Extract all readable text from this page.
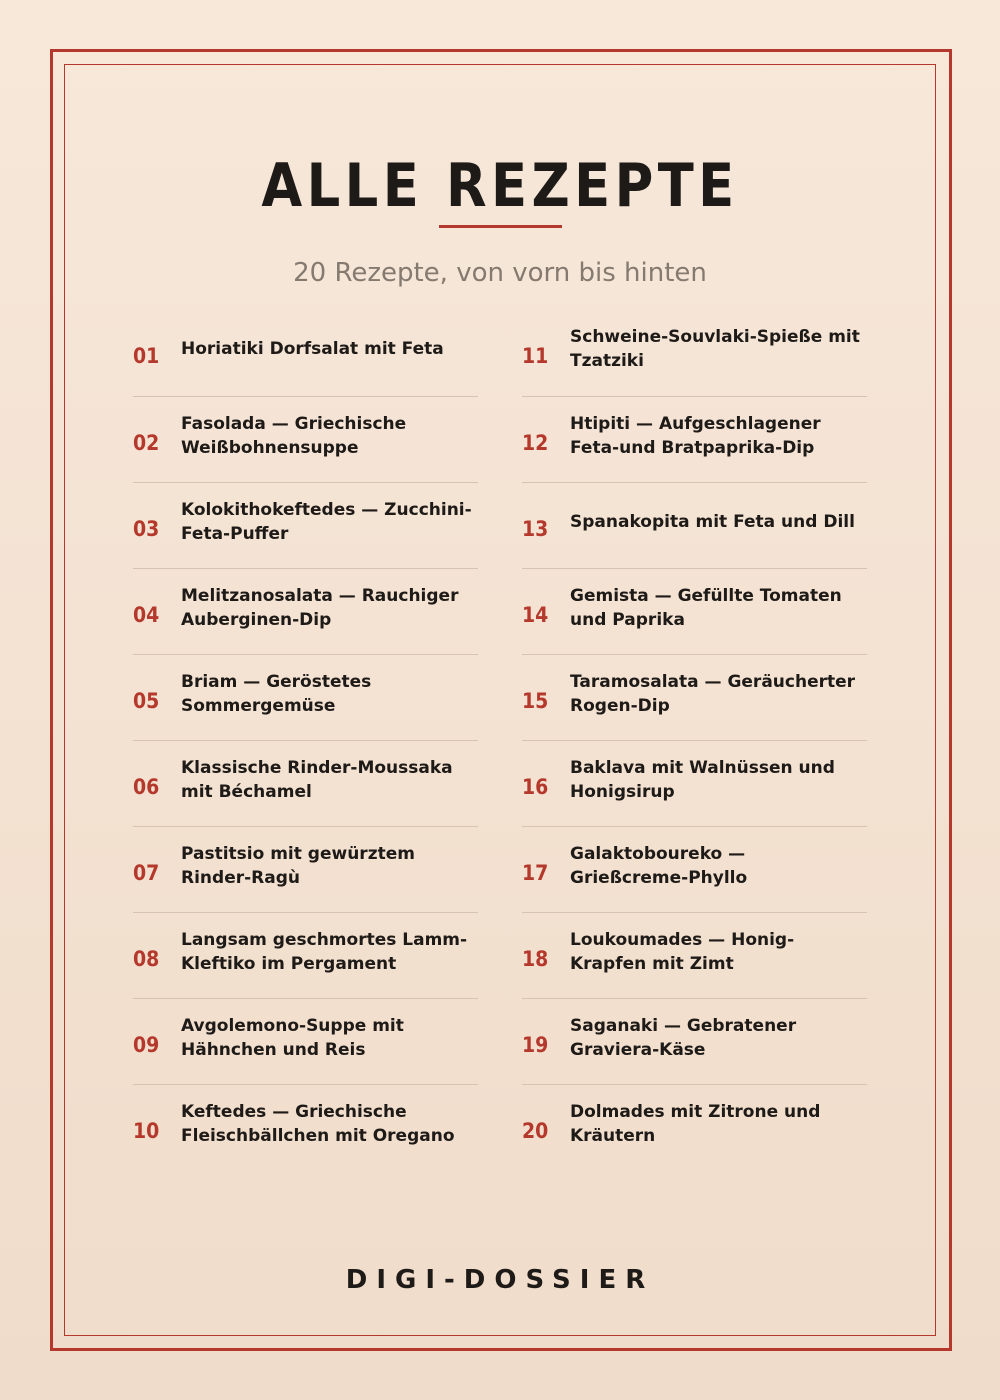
ALLE REZEPTE
20 Rezepte, von vorn bis hinten
01	Horiatiki Dorfsalat mit Feta
02
Fasolada — Griechische Weißbohnensuppe
03
Kolokithokeftedes — Zucchini-Feta-Puffer
04
Melitzanosalata — Rauchiger Auberginen-Dip
05
Briam — Geröstetes Sommergemüse
06
Klassische Rinder-Moussaka mit Béchamel
07
Pastitsio mit gewürztem Rinder-Ragù
08
Langsam geschmortes Lamm-Kleftiko im Pergament
09
Avgolemono-Suppe mit Hähnchen und Reis
10
Keftedes — Griechische Fleischbällchen mit Oregano
11
Schweine-Souvlaki-Spieße mit Tzatziki
12
Htipiti — Aufgeschlagener Feta-und Bratpaprika-Dip
13	Spanakopita mit Feta und Dill
14
Gemista — Gefüllte Tomaten und Paprika
15
Taramosalata — Geräucherter Rogen-Dip
16
Baklava mit Walnüssen und Honigsirup
17
Galaktoboureko — Grießcreme-Phyllo
18
Loukoumades — Honig-Krapfen mit Zimt
19
Saganaki — Gebratener Graviera-Käse
20
Dolmades mit Zitrone und Kräutern
DIGI-DOSSIER
